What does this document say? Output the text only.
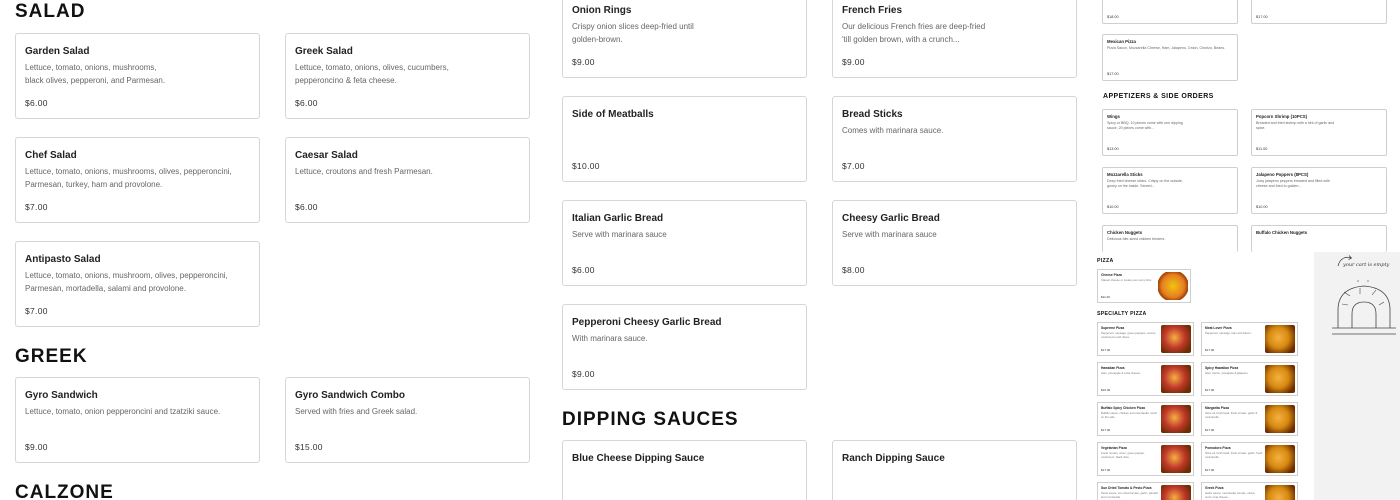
SALAD
Garden Salad
Lettuce, tomato, onions, mushrooms, black olives, pepperoni, and Parmesan.
$6.00
Greek Salad
Lettuce, tomato, onions, olives, cucumbers, pepperoncino & feta cheese.
$6.00
Chef Salad
Lettuce, tomato, onions, mushrooms, olives, pepperoncini, Parmesan, turkey, ham and provolone.
$7.00
Caesar Salad
Lettuce, croutons and fresh Parmesan.
$6.00
Antipasto Salad
Lettuce, tomato, onions, mushroom, olives, pepperoncini, Parmesan, mortadella, salami and provolone.
$7.00
GREEK
Gyro Sandwich
Lettuce, tomato, onion pepperoncini and tzatziki sauce.
$9.00
Gyro Sandwich Combo
Served with fries and Greek salad.
$15.00
CALZONE
Onion Rings
Crispy onion slices deep-fried until golden-brown.
$9.00
French Fries
Our delicious French fries are deep-fried 'till golden brown, with a crunch...
$9.00
Side of Meatballs
$10.00
Bread Sticks
Comes with marinara sauce.
$7.00
Italian Garlic Bread
Serve with marinara sauce
$6.00
Cheesy Garlic Bread
Serve with marinara sauce
$8.00
Pepperoni Cheesy Garlic Bread
With marinara sauce.
$9.00
DIPPING SAUCES
Blue Cheese Dipping Sauce	Ranch Dipping Sauce
$18.00	$17.00
Mexican Pizza
Pizza Sauce, Mozzarella Cheese, Ham, Jalapeno, Onion, Chorizo, Beans.
$17.00
APPETIZERS & SIDE ORDERS
Wings
Spicy or BBQ. 10 pieces come with one dipping sauce, 20 pieces come with...
$13.00
Popcorn Shrimp (10PCS)
Breaded and fried shrimp with a hint of garlic and spice.
$11.00
Mozzarella Sticks
Deep fried cheese sticks. Crispy on the outside, gooey on the inside. Served...
$10.00
Jalapeno Poppers (8PCS)
Juicy jalapeno peppers breaded and filled with cheese and fried to golden...
$10.00
Chicken Nuggets
Delicious bite-sized chicken tenders.
Buffalo Chicken Nuggets
PIZZA
Cheese Pizza
Classic cheese or create your own pizza.
$11.00
SPECIALTY PIZZA
Supreme Pizza
Pepperoni, sausage, green peppers, onions, mushrooms and olives.
$17.00
Meat Lover Pizza
Pepperoni, sausage, ham and bacon.
$17.00
Hawaiian Pizza
Ham, pineapple & extra cheese.
$16.00
Spicy Hawaiian Pizza
Ham, bacon, pineapple & jalapeno.
$17.00
Buffalo Spicy Chicken Pizza
Buffalo sauce, chicken and mozzarella, ranch on the side.
$17.00
Margarita Pizza
Olive oil, fresh basil, fresh tomato, garlic & mozzarella.
$17.00
Vegetarian Pizza
Fresh tomato, onion, green pepper, mushroom, black olive.
$17.00
Pomodoro Pizza
Olive oil, fresh basil, fresh tomato, garlic, fresh mozzarella.
$17.00
Sun Dried Tomato & Pesto Pizza
Pesto sauce, sun dried tomato, garlic, spinach and mozzarella.
Greek Pizza
Garlic sauce, mozzarella, tomato, olives, onion, feta cheese...
your cart is empty
